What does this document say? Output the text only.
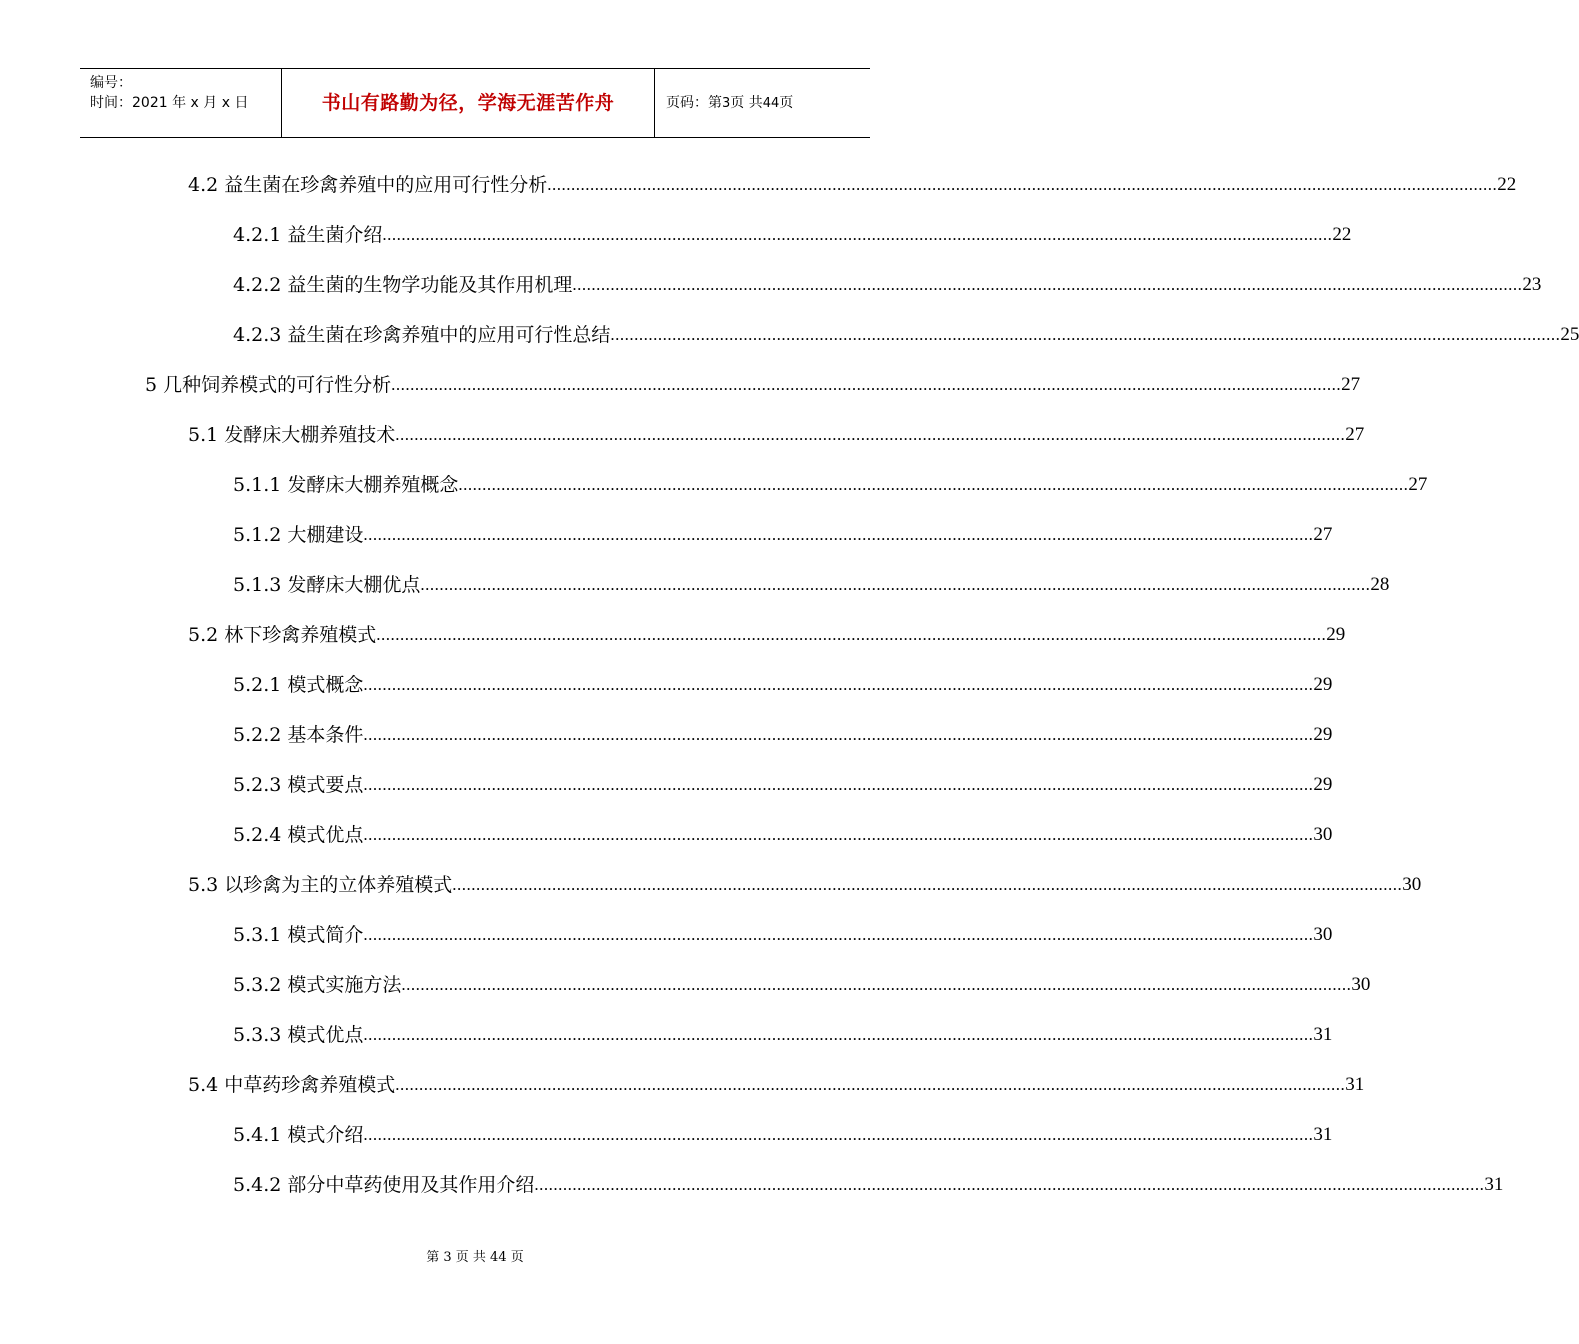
编号：
时间：2021 年 x 月 x 日	书山有路勤为径，学海无涯苦作舟	页码：第3页 共44页
4.2 益生菌在珍禽养殖中的应用可行性分析 ........................................................................................................................................................................................................ 22
4.2.1 益生菌介绍 ........................................................................................................................................................................................................ 22
4.2.2 益生菌的生物学功能及其作用机理 ........................................................................................................................................................................................................ 23
4.2.3 益生菌在珍禽养殖中的应用可行性总结 ........................................................................................................................................................................................................ 25
5 几种饲养模式的可行性分析 ........................................................................................................................................................................................................ 27
5.1 发酵床大棚养殖技术 ........................................................................................................................................................................................................ 27
5.1.1 发酵床大棚养殖概念 ........................................................................................................................................................................................................ 27
5.1.2 大棚建设 ........................................................................................................................................................................................................ 27
5.1.3 发酵床大棚优点 ........................................................................................................................................................................................................ 28
5.2 林下珍禽养殖模式 ........................................................................................................................................................................................................ 29
5.2.1 模式概念 ........................................................................................................................................................................................................ 29
5.2.2 基本条件 ........................................................................................................................................................................................................ 29
5.2.3 模式要点 ........................................................................................................................................................................................................ 29
5.2.4 模式优点 ........................................................................................................................................................................................................ 30
5.3 以珍禽为主的立体养殖模式 ........................................................................................................................................................................................................ 30
5.3.1 模式简介 ........................................................................................................................................................................................................ 30
5.3.2 模式实施方法 ........................................................................................................................................................................................................ 30
5.3.3 模式优点 ........................................................................................................................................................................................................ 31
5.4 中草药珍禽养殖模式 ........................................................................................................................................................................................................ 31
5.4.1 模式介绍 ........................................................................................................................................................................................................ 31
5.4.2 部分中草药使用及其作用介绍 ........................................................................................................................................................................................................ 31
第 3 页 共 44 页
